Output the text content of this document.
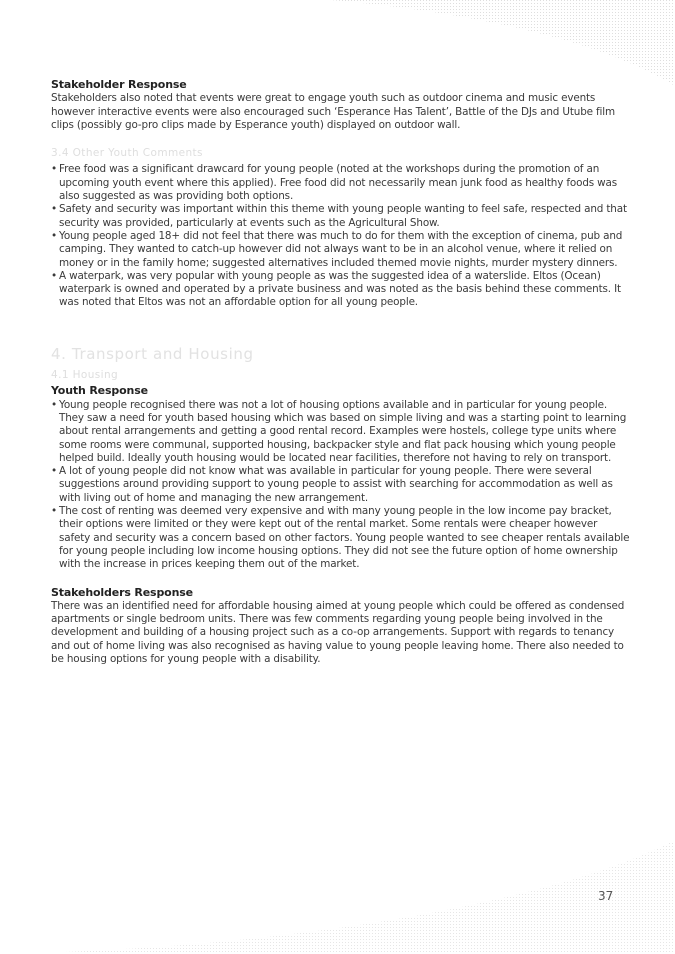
Stakeholder Response

Stakeholders also noted that events were great to engage youth such as outdoor cinema and music events however interactive events were also encouraged such ‘Esperance Has Talent’, Battle of the DJs and Utube film clips (possibly go-pro clips made by Esperance youth) displayed on outdoor wall.

3.4 Other Youth Comments
• Free food was a significant drawcard for young people (noted at the workshops during the promotion of an upcoming youth event where this applied). Free food did not necessarily mean junk food as healthy foods was also suggested as was providing both options.
• Safety and security was important within this theme with young people wanting to feel safe, respected and that security was provided, particularly at events such as the Agricultural Show.
• Young people aged 18+ did not feel that there was much to do for them with the exception of cinema, pub and camping. They wanted to catch-up however did not always want to be in an alcohol venue, where it relied on money or in the family home; suggested alternatives included themed movie nights, murder mystery dinners.
• A waterpark, was very popular with young people as was the suggested idea of a waterslide. Eltos (Ocean) waterpark is owned and operated by a private business and was noted as the basis behind these comments. It was noted that Eltos was not an affordable option for all young people.
4. Transport and Housing
4.1 Housing
Youth Response
• Young people recognised there was not a lot of housing options available and in particular for young people. They saw a need for youth based housing which was based on simple living and was a starting point to learning about rental arrangements and getting a good rental record. Examples were hostels, college type units where some rooms were communal, supported housing, backpacker style and flat pack housing which young people helped build. Ideally youth housing would be located near facilities, therefore not having to rely on transport.
• A lot of young people did not know what was available in particular for young people. There were several suggestions around providing support to young people to assist with searching for accommodation as well as with living out of home and managing the new arrangement.
• The cost of renting was deemed very expensive and with many young people in the low income pay bracket, their options were limited or they were kept out of the rental market. Some rentals were cheaper however safety and security was a concern based on other factors. Young people wanted to see cheaper rentals available for young people including low income housing options. They did not see the future option of home ownership with the increase in prices keeping them out of the market.
Stakeholders Response

There was an identified need for affordable housing aimed at young people which could be offered as condensed apartments or single bedroom units. There was few comments regarding young people being involved in the development and building of a housing project such as a co-op arrangements. Support with regards to tenancy and out of home living was also recognised as having value to young people leaving home. There also needed to be housing options for young people with a disability.

37
